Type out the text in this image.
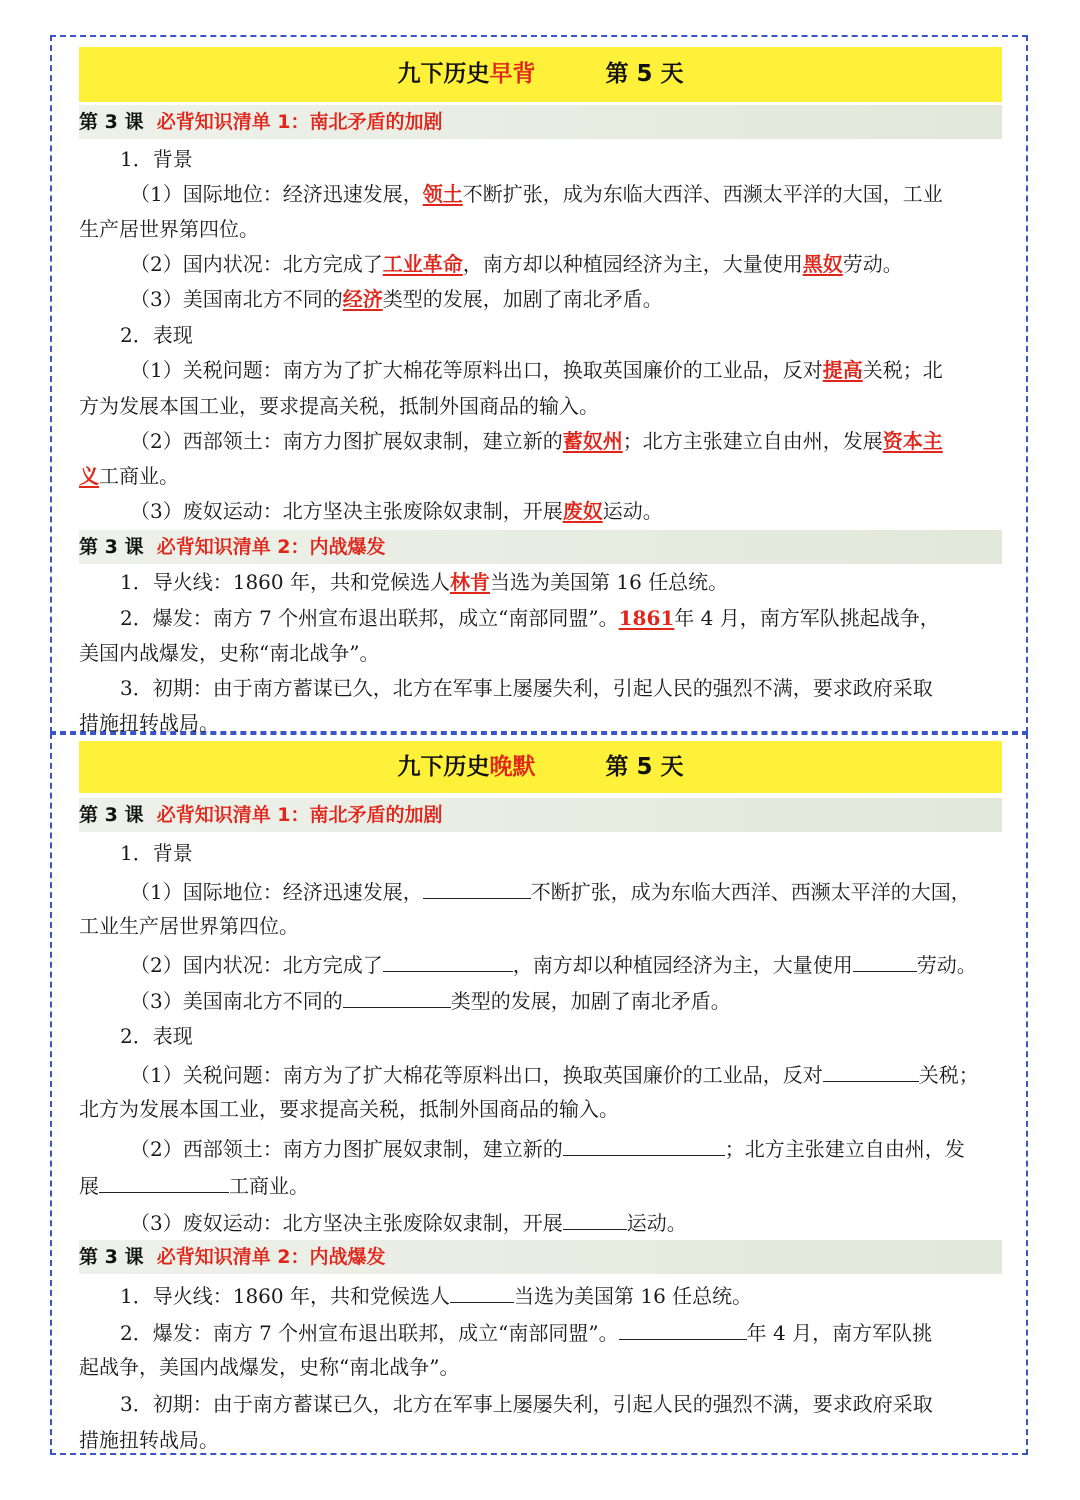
九下历史早背	第 5 天
第 3 课 必背知识清单 1：南北矛盾的加剧
1．背景
（1）国际地位：经济迅速发展，领土不断扩张，成为东临大西洋、西濒太平洋的大国，工业
生产居世界第四位。
（2）国内状况：北方完成了工业革命，南方却以种植园经济为主，大量使用黑奴劳动。
（3）美国南北方不同的经济类型的发展，加剧了南北矛盾。
2．表现
（1）关税问题：南方为了扩大棉花等原料出口，换取英国廉价的工业品，反对提高关税；北
方为发展本国工业，要求提高关税，抵制外国商品的输入。
（2）西部领土：南方力图扩展奴隶制，建立新的蓄奴州；北方主张建立自由州，发展资本主
义工商业。
（3）废奴运动：北方坚决主张废除奴隶制，开展废奴运动。
第 3 课 必背知识清单 2：内战爆发
1．导火线：1860 年，共和党候选人林肯当选为美国第 16 任总统。
2．爆发：南方 7 个州宣布退出联邦，成立“南部同盟”。1861年 4 月，南方军队挑起战争，
美国内战爆发，史称“南北战争”。
3．初期：由于南方蓄谋已久，北方在军事上屡屡失利，引起人民的强烈不满，要求政府采取
措施扭转战局。
九下历史晚默	第 5 天
第 3 课 必背知识清单 1：南北矛盾的加剧
1．背景
（1）国际地位：经济迅速发展，	不断扩张，成为东临大西洋、西濒太平洋的大国，
工业生产居世界第四位。
（2）国内状况：北方完成了	，南方却以种植园经济为主，大量使用	劳动。
（3）美国南北方不同的	类型的发展，加剧了南北矛盾。
2．表现
（1）关税问题：南方为了扩大棉花等原料出口，换取英国廉价的工业品，反对	关税；
北方为发展本国工业，要求提高关税，抵制外国商品的输入。
（2）西部领土：南方力图扩展奴隶制，建立新的	；北方主张建立自由州，发
展	工商业。
（3）废奴运动：北方坚决主张废除奴隶制，开展	运动。
第 3 课 必背知识清单 2：内战爆发
1．导火线：1860 年，共和党候选人	当选为美国第 16 任总统。
2．爆发：南方 7 个州宣布退出联邦，成立“南部同盟”。	年 4 月，南方军队挑
起战争，美国内战爆发，史称“南北战争”。
3．初期：由于南方蓄谋已久，北方在军事上屡屡失利，引起人民的强烈不满，要求政府采取
措施扭转战局。
